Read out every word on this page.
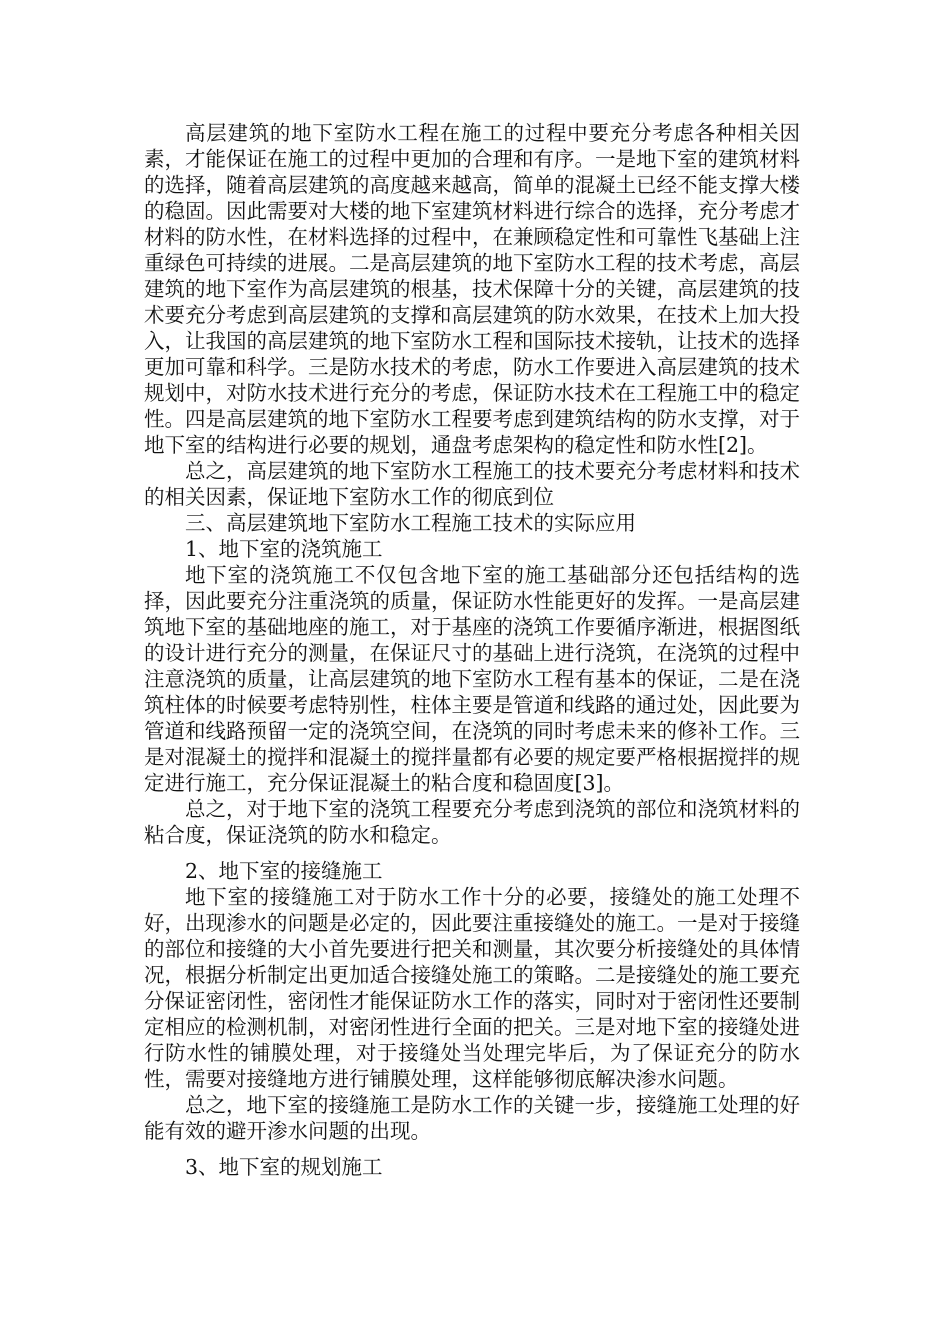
高层建筑的地下室防水工程在施工的过程中要充分考虑各种相关因素，才能保证在施工的过程中更加的合理和有序。一是地下室的建筑材料的选择，随着高层建筑的高度越来越高，简单的混凝土已经不能支撑大楼的稳固。因此需要对大楼的地下室建筑材料进行综合的选择，充分考虑才材料的防水性，在材料选择的过程中，在兼顾稳定性和可靠性飞基础上注重绿色可持续的进展。二是高层建筑的地下室防水工程的技术考虑，高层建筑的地下室作为高层建筑的根基，技术保障十分的关键，高层建筑的技术要充分考虑到高层建筑的支撑和高层建筑的防水效果，在技术上加大投入，让我国的高层建筑的地下室防水工程和国际技术接轨，让技术的选择更加可靠和科学。三是防水技术的考虑，防水工作要进入高层建筑的技术规划中，对防水技术进行充分的考虑，保证防水技术在工程施工中的稳定性。四是高层建筑的地下室防水工程要考虑到建筑结构的防水支撑，对于地下室的结构进行必要的规划，通盘考虑架构的稳定性和防水性[2]。

总之，高层建筑的地下室防水工程施工的技术要充分考虑材料和技术的相关因素，保证地下室防水工作的彻底到位

三、高层建筑地下室防水工程施工技术的实际应用

1、地下室的浇筑施工

地下室的浇筑施工不仅包含地下室的施工基础部分还包括结构的选择，因此要充分注重浇筑的质量，保证防水性能更好的发挥。一是高层建筑地下室的基础地座的施工，对于基座的浇筑工作要循序渐进，根据图纸的设计进行充分的测量，在保证尺寸的基础上进行浇筑，在浇筑的过程中注意浇筑的质量，让高层建筑的地下室防水工程有基本的保证，二是在浇筑柱体的时候要考虑特别性，柱体主要是管道和线路的通过处，因此要为管道和线路预留一定的浇筑空间，在浇筑的同时考虑未来的修补工作。三是对混凝土的搅拌和混凝土的搅拌量都有必要的规定要严格根据搅拌的规定进行施工，充分保证混凝土的粘合度和稳固度[3]。

总之，对于地下室的浇筑工程要充分考虑到浇筑的部位和浇筑材料的粘合度，保证浇筑的防水和稳定。

2、地下室的接缝施工

地下室的接缝施工对于防水工作十分的必要，接缝处的施工处理不好，出现渗水的问题是必定的，因此要注重接缝处的施工。一是对于接缝的部位和接缝的大小首先要进行把关和测量，其次要分析接缝处的具体情况，根据分析制定出更加适合接缝处施工的策略。二是接缝处的施工要充分保证密闭性，密闭性才能保证防水工作的落实，同时对于密闭性还要制定相应的检测机制，对密闭性进行全面的把关。三是对地下室的接缝处进行防水性的铺膜处理，对于接缝处当处理完毕后，为了保证充分的防水性，需要对接缝地方进行铺膜处理，这样能够彻底解决渗水问题。

总之，地下室的接缝施工是防水工作的关键一步，接缝施工处理的好能有效的避开渗水问题的出现。

3、地下室的规划施工
